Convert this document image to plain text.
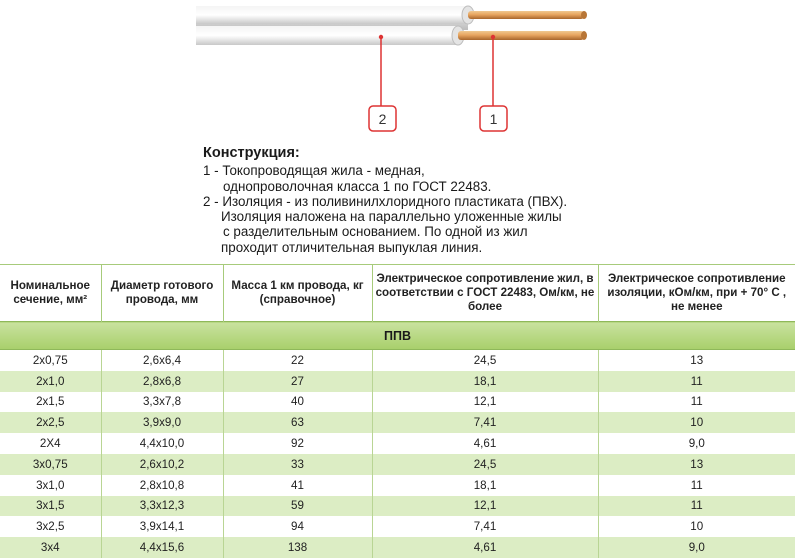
2	1
Конструкция:
1 - Токопроводящая жила - медная,
однопроволочная класса 1 по ГОСТ 22483.
2 - Изоляция - из поливинилхлоридного пластиката (ПВХ).
Изоляция наложена на параллельно уложенные жилы
с разделительным основанием. По одной из жил
проходит отличительная выпуклая линия.
Номинальное сечение, мм²	Диаметр готового провода, мм	Масса 1 км провода, кг (справочное)	Электрическое сопротивление жил, в соответствии с ГОСТ 22483, Ом/км, не более	Электрическое сопротивление изоляции, кОм/км, при + 70° С , не менее
ППВ				
2х0,75	2,6х6,4	22	24,5	13
2х1,0	2,8х6,8	27	18,1	11
2х1,5	3,3х7,8	40	12,1	11
2х2,5	3,9х9,0	63	7,41	10
2Х4	4,4х10,0	92	4,61	9,0
3х0,75	2,6х10,2	33	24,5	13
3х1,0	2,8х10,8	41	18,1	11
3х1,5	3,3х12,3	59	12,1	11
3х2,5	3,9х14,1	94	7,41	10
3х4	4,4х15,6	138	4,61	9,0
